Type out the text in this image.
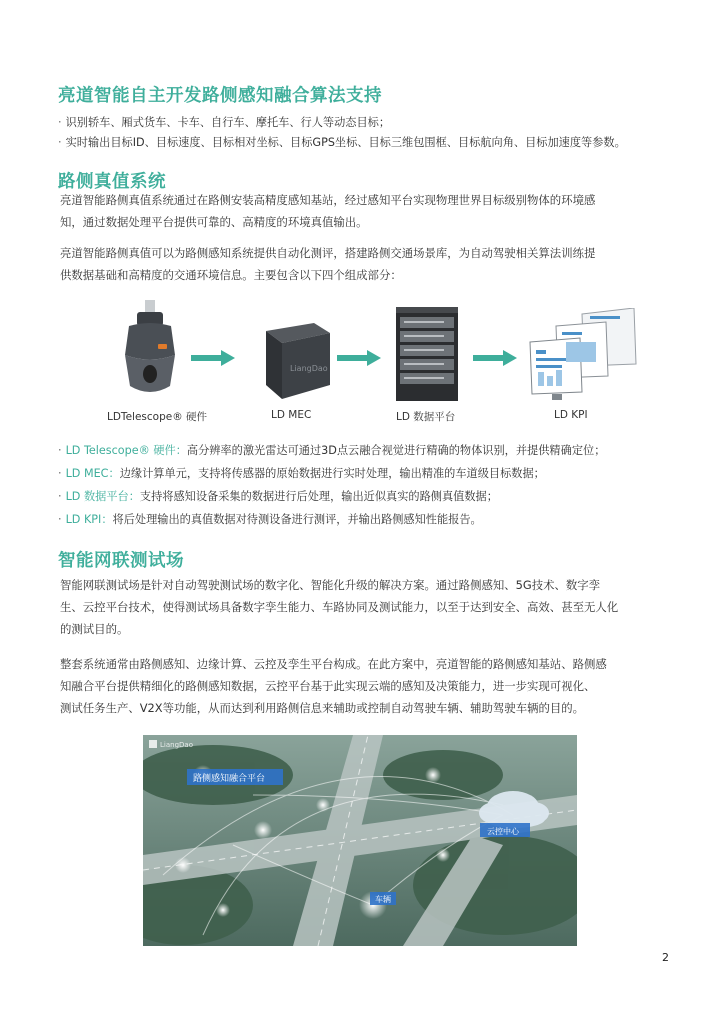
亮道智能自主开发路侧感知融合算法支持
· 识别轿车、厢式货车、卡车、自行车、摩托车、行人等动态目标；
· 实时输出目标ID、目标速度、目标相对坐标、目标GPS坐标、目标三维包围框、目标航向角、目标加速度等参数。
路侧真值系统
亮道智能路侧真值系统通过在路侧安装高精度感知基站，经过感知平台实现物理世界目标级别物体的环境感
知，通过数据处理平台提供可靠的、高精度的环境真值输出。
亮道智能路侧真值可以为路侧感知系统提供自动化测评，搭建路侧交通场景库，为自动驾驶相关算法训练提
供数据基础和高精度的交通环境信息。主要包含以下四个组成部分：
LiangDao
LDTelescope® 硬件	LD MEC	LD 数据平台	LD KPI
· LD Telescope® 硬件：高分辨率的激光雷达可通过3D点云融合视觉进行精确的物体识别，并提供精确定位；
· LD MEC：边缘计算单元，支持将传感器的原始数据进行实时处理，输出精准的车道级目标数据；
· LD 数据平台：支持将感知设备采集的数据进行后处理，输出近似真实的路侧真值数据；
· LD KPI：将后处理输出的真值数据对待测设备进行测评，并输出路侧感知性能报告。
智能网联测试场
智能网联测试场是针对自动驾驶测试场的数字化、智能化升级的解决方案。通过路侧感知、5G技术、数字孪
生、云控平台技术，使得测试场具备数字孪生能力、车路协同及测试能力，以至于达到安全、高效、甚至无人化
的测试目的。
整套系统通常由路侧感知、边缘计算、云控及孪生平台构成。在此方案中，亮道智能的路侧感知基站、路侧感
知融合平台提供精细化的路侧感知数据，云控平台基于此实现云端的感知及决策能力，进一步实现可视化、
测试任务生产、V2X等功能，从而达到利用路侧信息来辅助或控制自动驾驶车辆、辅助驾驶车辆的目的。
路侧感知融合平台
云控中心
车辆
LiangDao
2
